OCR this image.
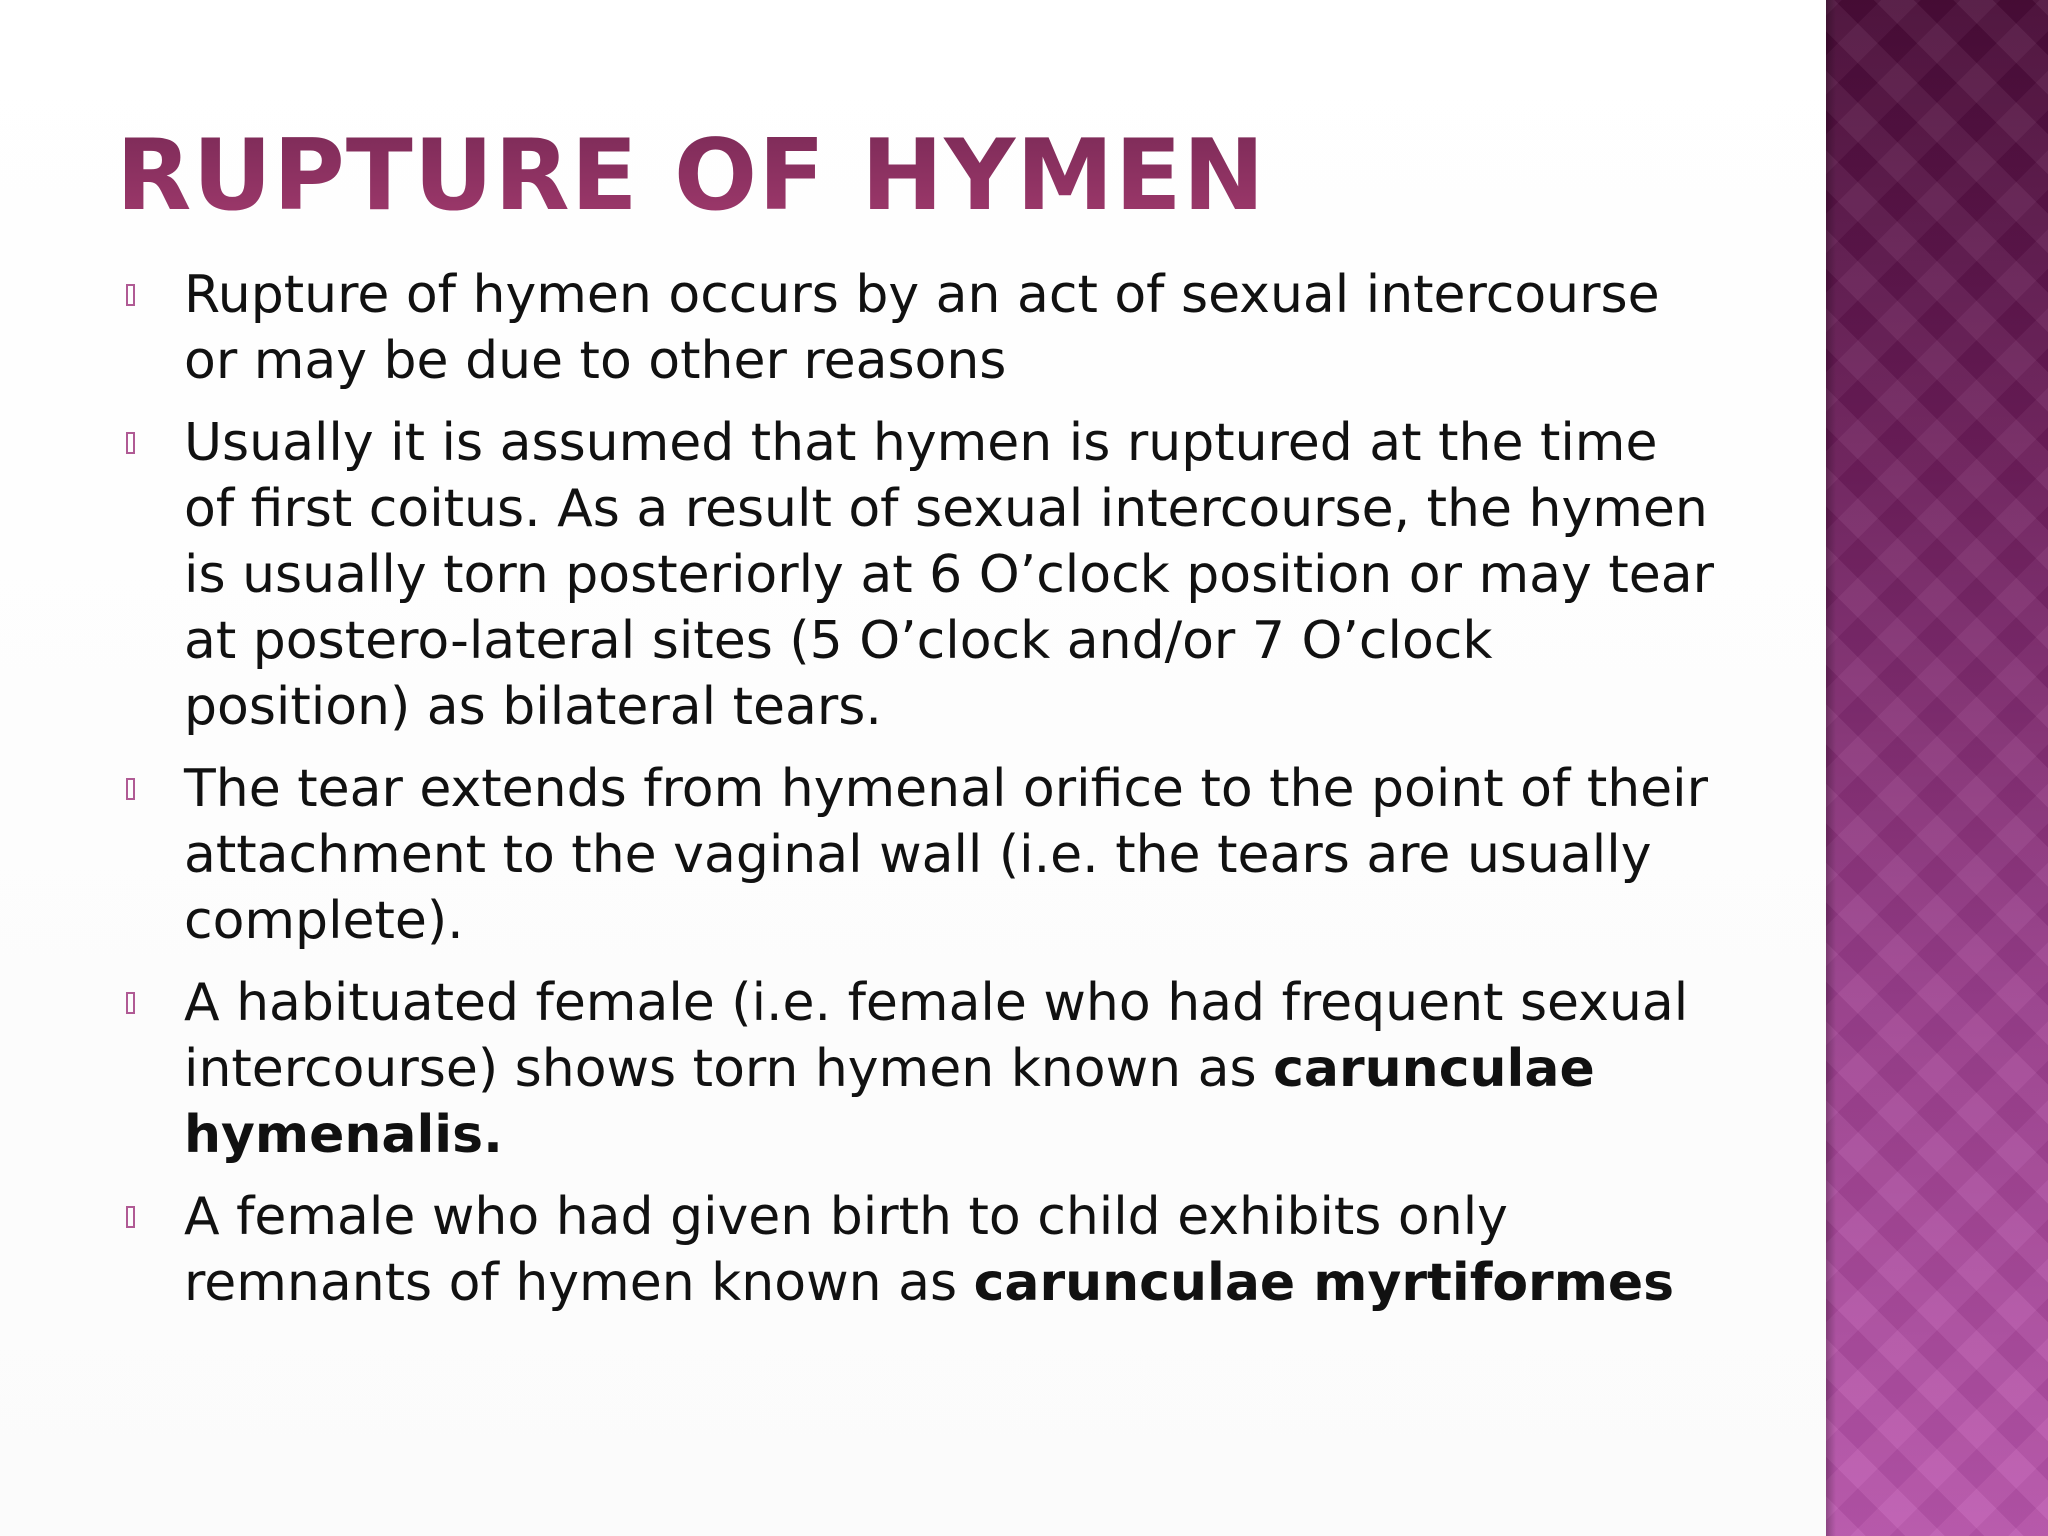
RUPTURE OF HYMEN
Rupture of hymen occurs by an act of sexual intercourse or may be due to other reasons
Usually it is assumed that hymen is ruptured at the time of first coitus. As a result of sexual intercourse, the hymen is usually torn posteriorly at 6 O’clock position or may tear at postero-lateral sites (5 O’clock and/or 7 O’clock position) as bilateral tears.
The tear extends from hymenal orifice to the point of their attachment to the vaginal wall (i.e. the tears are usually complete).
A habituated female (i.e. female who had frequent sexual intercourse) shows torn hymen known as carunculae hymenalis.
A female who had given birth to child exhibits only remnants of hymen known as carunculae myrtiformes
